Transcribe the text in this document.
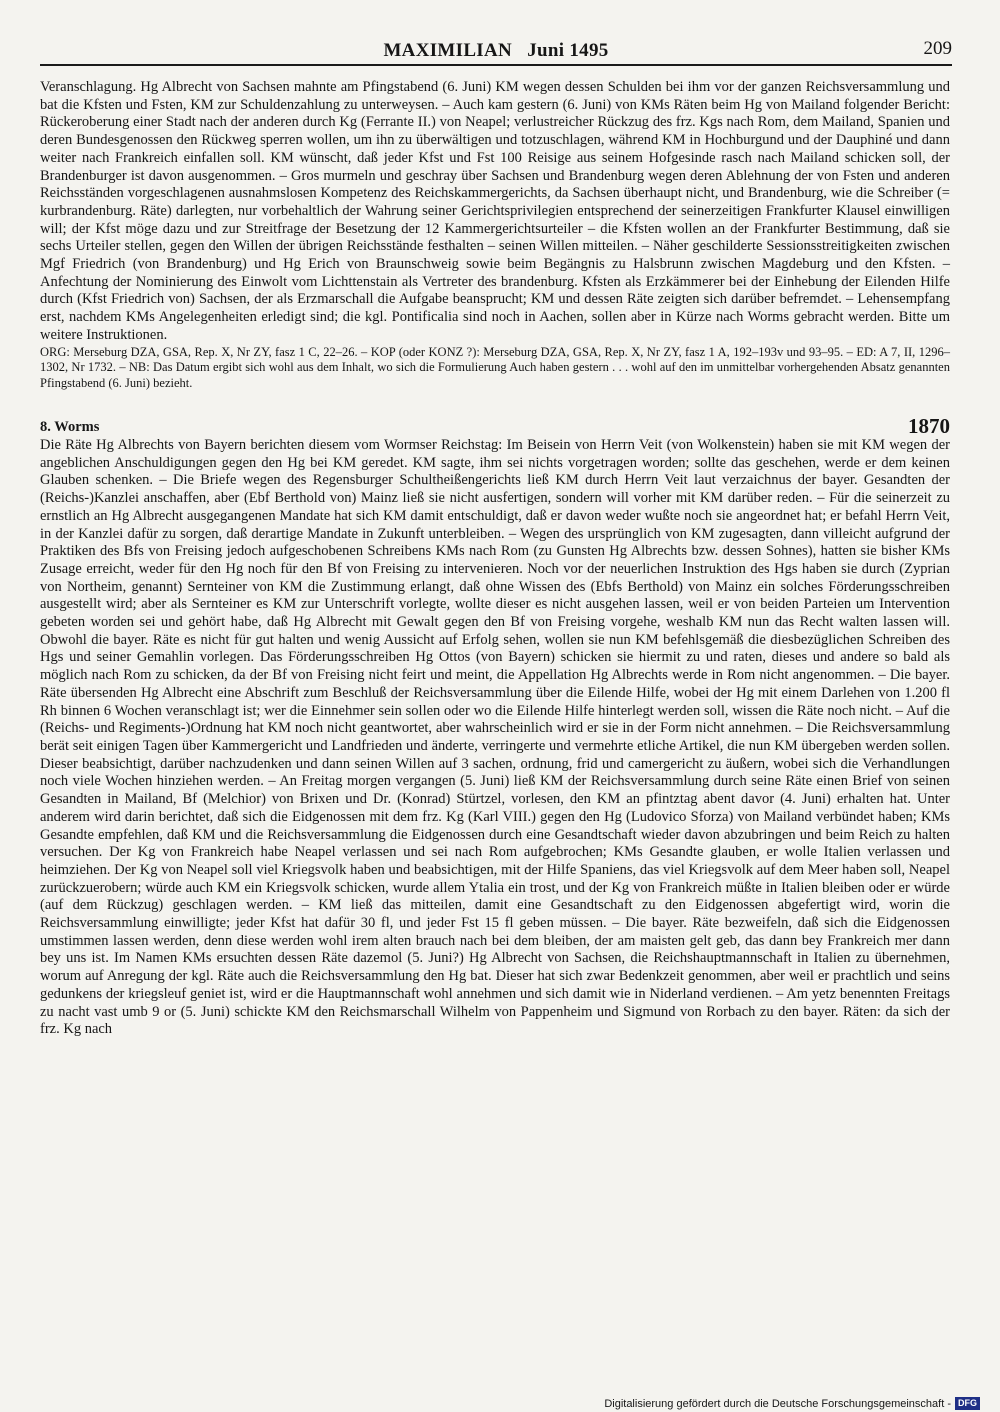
MAXIMILIAN   Juni 1495	209

Veranschlagung. Hg Albrecht von Sachsen mahnte am Pfingstabend (6. Juni) KM wegen dessen Schulden bei ihm vor der ganzen Reichsversammlung und bat die Kfsten und Fsten, KM zur Schuldenzahlung zu unterweysen. – Auch kam gestern (6. Juni) von KMs Räten beim Hg von Mailand folgender Bericht: Rückeroberung einer Stadt nach der anderen durch Kg (Ferrante II.) von Neapel; verlustreicher Rückzug des frz. Kgs nach Rom, dem Mailand, Spanien und deren Bundesgenossen den Rückweg sperren wollen, um ihn zu überwältigen und totzuschlagen, während KM in Hochburgund und der Dauphiné und dann weiter nach Frankreich einfallen soll. KM wünscht, daß jeder Kfst und Fst 100 Reisige aus seinem Hofgesinde rasch nach Mailand schicken soll, der Brandenburger ist davon ausgenommen. – Gros murmeln und geschray über Sachsen und Brandenburg wegen deren Ablehnung der von Fsten und anderen Reichsständen vorgeschlagenen ausnahmslosen Kompetenz des Reichskammergerichts, da Sachsen überhaupt nicht, und Brandenburg, wie die Schreiber (= kurbrandenburg. Räte) darlegten, nur vorbehaltlich der Wahrung seiner Gerichtsprivilegien entsprechend der seinerzeitigen Frankfurter Klausel einwilligen will; der Kfst möge dazu und zur Streitfrage der Besetzung der 12 Kammergerichtsurteiler – die Kfsten wollen an der Frankfurter Bestimmung, daß sie sechs Urteiler stellen, gegen den Willen der übrigen Reichsstände festhalten – seinen Willen mitteilen. – Näher geschilderte Sessionsstreitigkeiten zwischen Mgf Friedrich (von Brandenburg) und Hg Erich von Braunschweig sowie beim Begängnis zu Halsbrunn zwischen Magdeburg und den Kfsten. – Anfechtung der Nominierung des Einwolt vom Lichttenstain als Vertreter des brandenburg. Kfsten als Erzkämmerer bei der Einhebung der Eilenden Hilfe durch (Kfst Friedrich von) Sachsen, der als Erzmarschall die Aufgabe beansprucht; KM und dessen Räte zeigten sich darüber befremdet. – Lehensempfang erst, nachdem KMs Angelegenheiten erledigt sind; die kgl. Pontificalia sind noch in Aachen, sollen aber in Kürze nach Worms gebracht werden. Bitte um weitere Instruktionen.

ORG: Merseburg DZA, GSA, Rep. X, Nr ZY, fasz 1 C, 22–26. – KOP (oder KONZ ?): Merseburg DZA, GSA, Rep. X, Nr ZY, fasz 1 A, 192–193v und 93–95. – ED: A 7, II, 1296–1302, Nr 1732. – NB: Das Datum ergibt sich wohl aus dem Inhalt, wo sich die Formulierung Auch haben gestern . . . wohl auf den im unmittelbar vorhergehenden Absatz genannten Pfingstabend (6. Juni) bezieht.

8. Worms	1870

Die Räte Hg Albrechts von Bayern berichten diesem vom Wormser Reichstag: Im Beisein von Herrn Veit (von Wolkenstein) haben sie mit KM wegen der angeblichen Anschuldigungen gegen den Hg bei KM geredet. KM sagte, ihm sei nichts vorgetragen worden; sollte das geschehen, werde er dem keinen Glauben schenken. – Die Briefe wegen des Regensburger Schultheißengerichts ließ KM durch Herrn Veit laut verzaichnus der bayer. Gesandten der (Reichs-)Kanzlei anschaffen, aber (Ebf Berthold von) Mainz ließ sie nicht ausfertigen, sondern will vorher mit KM darüber reden. – Für die seinerzeit zu ernstlich an Hg Albrecht ausgegangenen Mandate hat sich KM damit entschuldigt, daß er davon weder wußte noch sie angeordnet hat; er befahl Herrn Veit, in der Kanzlei dafür zu sorgen, daß derartige Mandate in Zukunft unterbleiben. – Wegen des ursprünglich von KM zugesagten, dann villeicht aufgrund der Praktiken des Bfs von Freising jedoch aufgeschobenen Schreibens KMs nach Rom (zu Gunsten Hg Albrechts bzw. dessen Sohnes), hatten sie bisher KMs Zusage erreicht, weder für den Hg noch für den Bf von Freising zu intervenieren. Noch vor der neuerlichen Instruktion des Hgs haben sie durch (Zyprian von Northeim, genannt) Sernteiner von KM die Zustimmung erlangt, daß ohne Wissen des (Ebfs Berthold) von Mainz ein solches Förderungsschreiben ausgestellt wird; aber als Sernteiner es KM zur Unterschrift vorlegte, wollte dieser es nicht ausgehen lassen, weil er von beiden Parteien um Intervention gebeten worden sei und gehört habe, daß Hg Albrecht mit Gewalt gegen den Bf von Freising vorgehe, weshalb KM nun das Recht walten lassen will. Obwohl die bayer. Räte es nicht für gut halten und wenig Aussicht auf Erfolg sehen, wollen sie nun KM befehlsgemäß die diesbezüglichen Schreiben des Hgs und seiner Gemahlin vorlegen. Das Förderungsschreiben Hg Ottos (von Bayern) schicken sie hiermit zu und raten, dieses und andere so bald als möglich nach Rom zu schicken, da der Bf von Freising nicht feirt und meint, die Appellation Hg Albrechts werde in Rom nicht angenommen. – Die bayer. Räte übersenden Hg Albrecht eine Abschrift zum Beschluß der Reichsversammlung über die Eilende Hilfe, wobei der Hg mit einem Darlehen von 1.200 fl Rh binnen 6 Wochen veranschlagt ist; wer die Einnehmer sein sollen oder wo die Eilende Hilfe hinterlegt werden soll, wissen die Räte noch nicht. – Auf die (Reichs- und Regiments-)Ordnung hat KM noch nicht geantwortet, aber wahrscheinlich wird er sie in der Form nicht annehmen. – Die Reichsversammlung berät seit einigen Tagen über Kammergericht und Landfrieden und änderte, verringerte und vermehrte etliche Artikel, die nun KM übergeben werden sollen. Dieser beabsichtigt, darüber nachzudenken und dann seinen Willen auf 3 sachen, ordnung, frid und camergericht zu äußern, wobei sich die Verhandlungen noch viele Wochen hinziehen werden. – An Freitag morgen vergangen (5. Juni) ließ KM der Reichsversammlung durch seine Räte einen Brief von seinen Gesandten in Mailand, Bf (Melchior) von Brixen und Dr. (Konrad) Stürtzel, vorlesen, den KM an pfintztag abent davor (4. Juni) erhalten hat. Unter anderem wird darin berichtet, daß sich die Eidgenossen mit dem frz. Kg (Karl VIII.) gegen den Hg (Ludovico Sforza) von Mailand verbündet haben; KMs Gesandte empfehlen, daß KM und die Reichsversammlung die Eidgenossen durch eine Gesandtschaft wieder davon abzubringen und beim Reich zu halten versuchen. Der Kg von Frankreich habe Neapel verlassen und sei nach Rom aufgebrochen; KMs Gesandte glauben, er wolle Italien verlassen und heimziehen. Der Kg von Neapel soll viel Kriegsvolk haben und beabsichtigen, mit der Hilfe Spaniens, das viel Kriegsvolk auf dem Meer haben soll, Neapel zurückzuerobern; würde auch KM ein Kriegsvolk schicken, wurde allem Ytalia ein trost, und der Kg von Frankreich müßte in Italien bleiben oder er würde (auf dem Rückzug) geschlagen werden. – KM ließ das mitteilen, damit eine Gesandtschaft zu den Eidgenossen abgefertigt wird, worin die Reichsversammlung einwilligte; jeder Kfst hat dafür 30 fl, und jeder Fst 15 fl geben müssen. – Die bayer. Räte bezweifeln, daß sich die Eidgenossen umstimmen lassen werden, denn diese werden wohl irem alten brauch nach bei dem bleiben, der am maisten gelt geb, das dann bey Frankreich mer dann bey uns ist. Im Namen KMs ersuchten dessen Räte dazemol (5. Juni?) Hg Albrecht von Sachsen, die Reichshauptmannschaft in Italien zu übernehmen, worum auf Anregung der kgl. Räte auch die Reichsversammlung den Hg bat. Dieser hat sich zwar Bedenkzeit genommen, aber weil er prachtlich und seins gedunkens der kriegsleuf geniet ist, wird er die Hauptmannschaft wohl annehmen und sich damit wie in Niderland verdienen. – Am yetz benennten Freitags zu nacht vast umb 9 or (5. Juni) schickte KM den Reichsmarschall Wilhelm von Pappenheim und Sigmund von Rorbach zu den bayer. Räten: da sich der frz. Kg nach

Digitalisierung gefördert durch die Deutsche Forschungsgemeinschaft - DFG
